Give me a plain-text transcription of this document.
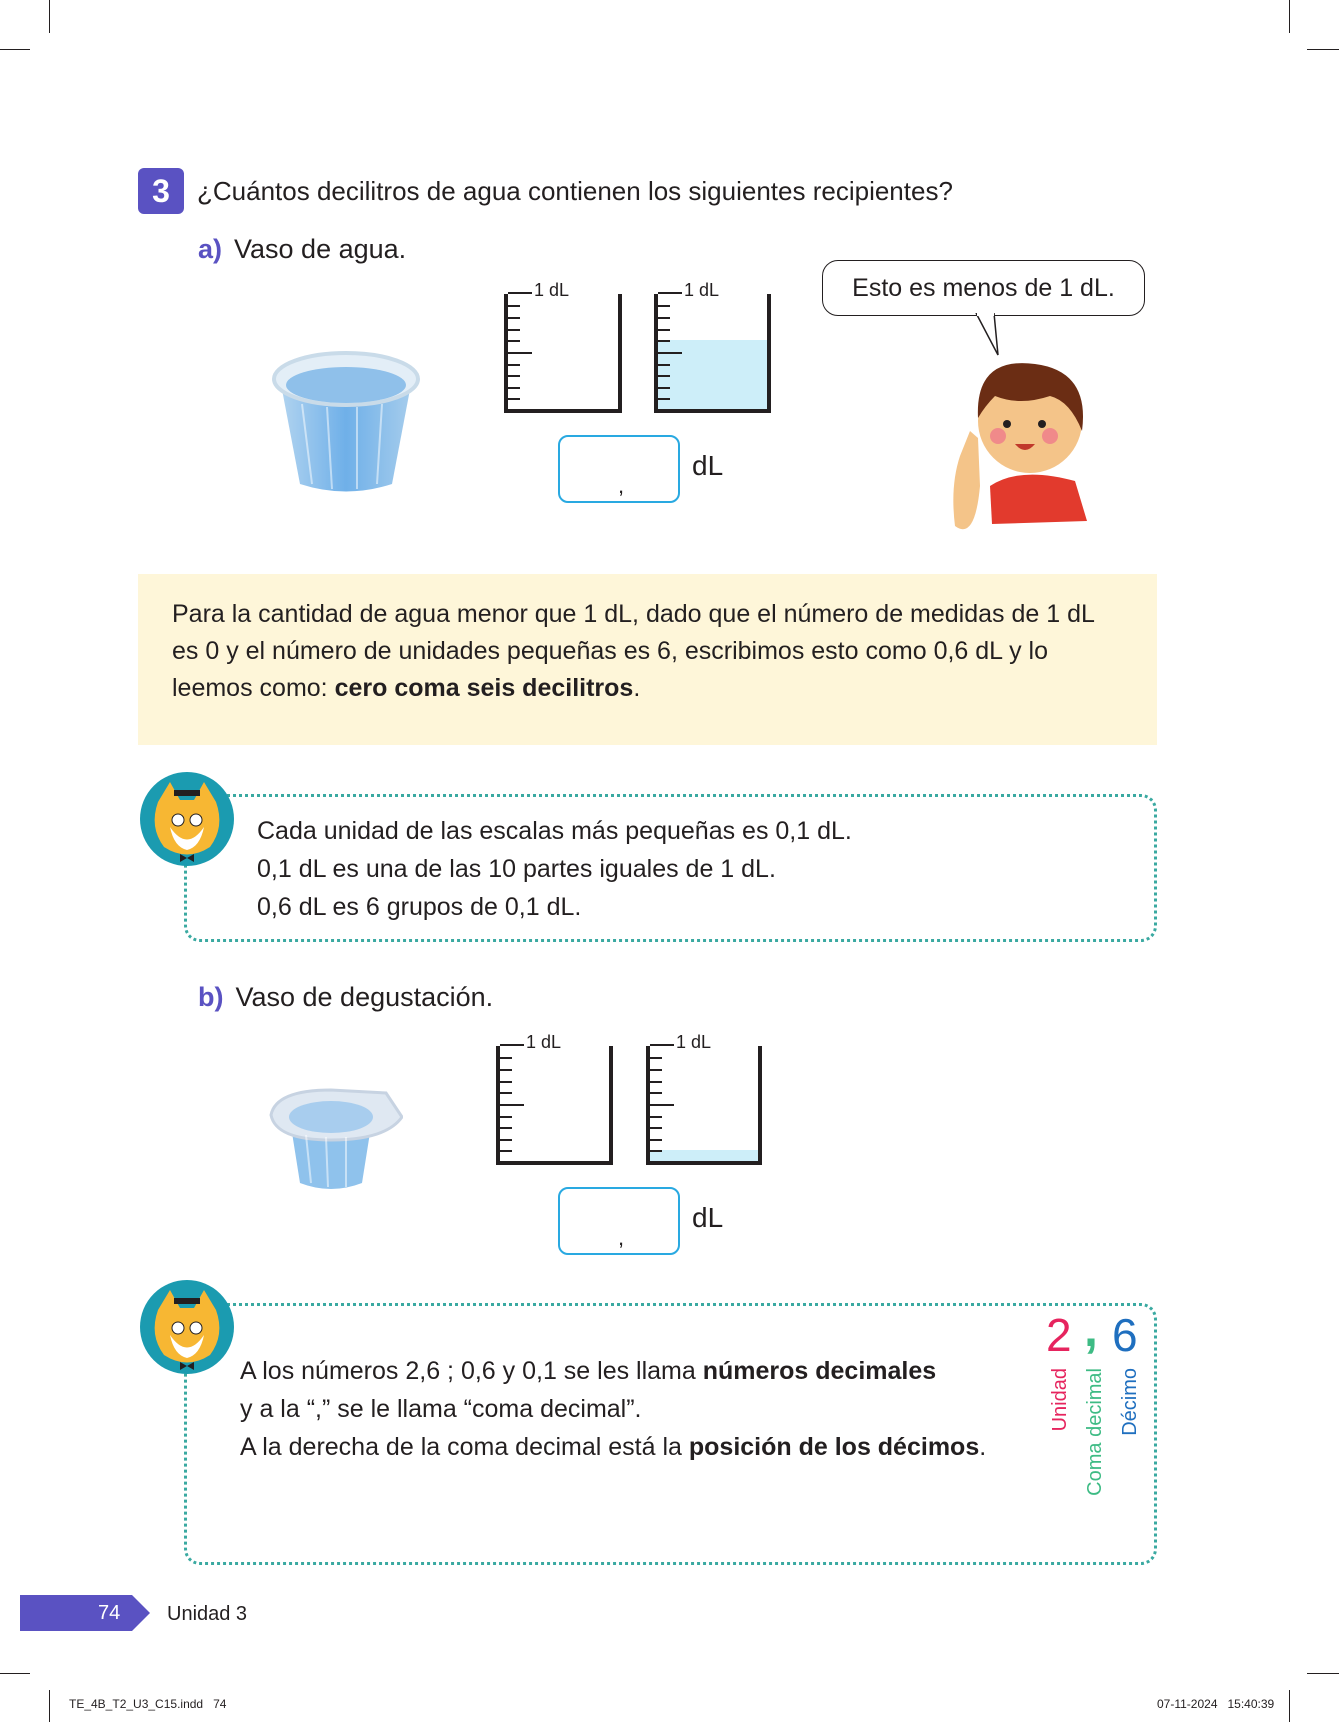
3	¿Cuántos decilitros de agua contienen los siguientes recipientes?
a) Vaso de agua.
1 dL	1 dL
,
dL
Esto es menos de 1 dL.
Para la cantidad de agua menor que 1 dL, dado que el número de medidas de 1 dL es 0 y el número de unidades pequeñas es 6, escribimos esto como 0,6 dL y lo leemos como: cero coma seis decilitros.
Cada unidad de las escalas más pequeñas es 0,1 dL.
0,1 dL es una de las 10 partes iguales de 1 dL.
0,6 dL es 6 grupos de 0,1 dL.
b) Vaso de degustación.
1 dL	1 dL
,
dL
A los números 2,6 ; 0,6 y 0,1 se les llama números decimales
y a la “,” se le llama “coma decimal”.
A la derecha de la coma decimal está la posición de los décimos.
2 , 6
Unidad Coma decimal Décimo
74 Unidad 3
TE_4B_T2_U3_C15.indd   74	07-11-2024   15:40:39
